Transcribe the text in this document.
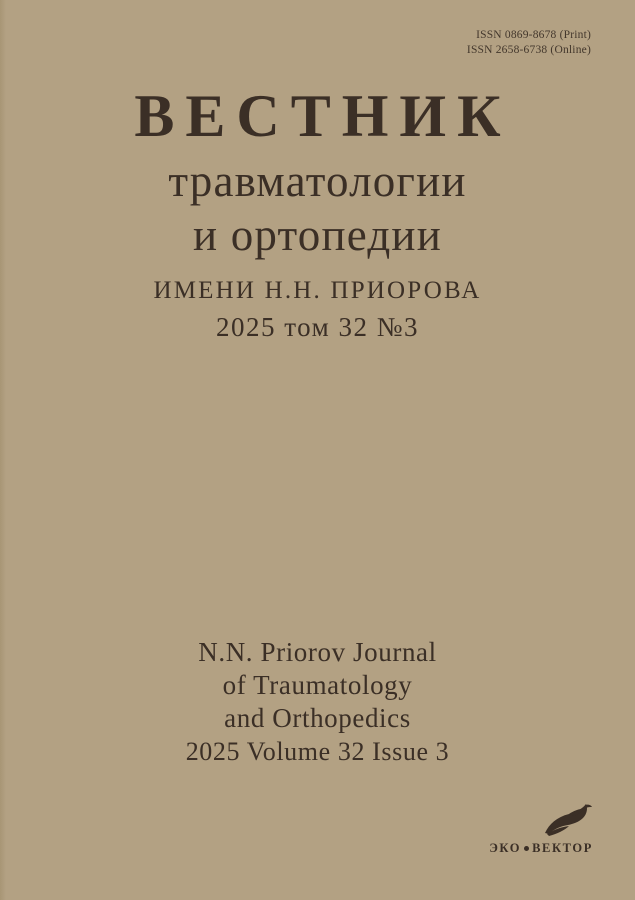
ISSN 0869-8678 (Print)
ISSN 2658-6738 (Online)
ВЕСТНИК
травматологии
и ортопедии
ИМЕНИ Н.Н. ПРИОРОВА
2025 том 32 №3
N.N. Priorov Journal
of Traumatology
and Orthopedics
2025 Volume 32 Issue 3
ЭКО ВЕКТОР
